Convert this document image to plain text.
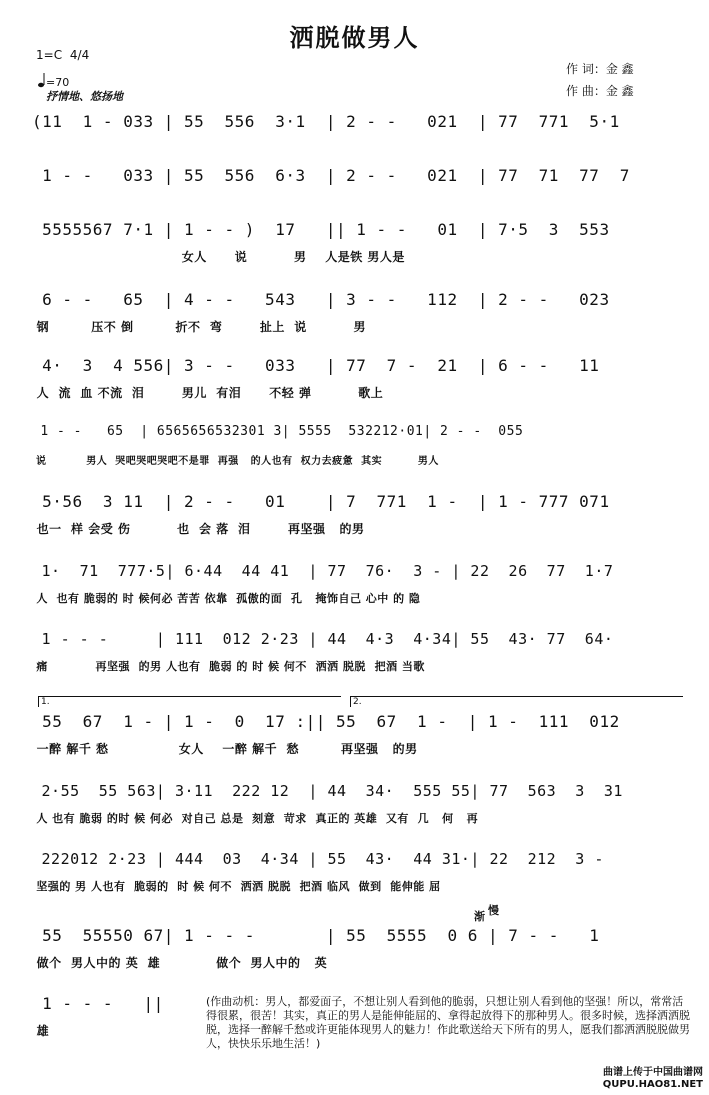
洒脱做男人
1=C 4/4
=70
抒情地、悠扬地
作 词：金 鑫
作 曲：金 鑫
(11  1 - 033 | 55  556  3·1  | 2 - -   021  | 77  771  5·1
1 - -   033 | 55  556  6·3  | 2 - -   021  | 77  71  77  7
5555567 7·1 | 1 - - )  17   || 1 - -   01  | 7·5  3  553
女人      说          男    人是铁 男人是
6 - -   65  | 4 - -   543   | 3 - -   112  | 2 - -   023
钢         压不 倒         折不  弯        扯上  说          男
4·  3  4 556| 3 - -   033   | 77  7 -  21  | 6 - -   11
人  流  血 不流  泪        男儿  有泪      不轻 弹          歌上
1 - -   65  | 6565656532301 3| 5555  532212·01| 2 - -  055
说          男人  哭吧哭吧哭吧不是罪  再强   的人也有  权力去疲惫  其实         男人
5·56  3 11  | 2 - -   01    | 7  771  1 -  | 1 - 777 071
也一  样 会受 伤          也  会 落  泪        再坚强   的男
1·  71  777·5| 6·44  44 41  | 77  76·  3 - | 22  26  77  1·7
人  也有 脆弱的 时 候何必 苦苦 依靠  孤傲的面  孔   掩饰自己 心中 的 隐
1 - - -     | 111  012 2·23 | 44  4·3  4·34| 55  43· 77  64·
痛           再坚强  的男 人也有  脆弱 的 时 候 何不  洒洒 脱脱  把酒 当歌
1.	2.
55  67  1 - | 1 -  0  17 :|| 55  67  1 -  | 1 -  111  012
一醉 解千 愁               女人    一醉 解千  愁         再坚强   的男
2·55  55 563| 3·11  222 12  | 44  34·  555 55| 77  563  3  31
人 也有 脆弱 的时 候 何必  对自己 总是  刻意  苛求  真正的 英雄  又有  几   何   再
222012 2·23 | 444  03  4·34 | 55  43·  44 31·| 22  212  3 -
坚强的 男 人也有  脆弱的  时 候 何不  洒洒 脱脱  把酒 临风  做到  能伸能 屈
渐 慢
55  55550 67| 1 - - -       | 55  5555  0 6 | 7 - -   1
做个  男人中的 英  雄            做个  男人中的   英
1 - - -   ||
雄
(作曲动机：男人，都爱面子，不想让别人看到他的脆弱，只想让别人看到他的坚强！所以，常常活得很累，很苦！其实，真正的男人是能伸能屈的、拿得起放得下的那种男人。很多时候，选择洒洒脱脱，选择一醉解千愁或许更能体现男人的魅力！作此歌送给天下所有的男人，愿我们都洒洒脱脱做男人，快快乐乐地生活！)
曲谱上传于中国曲谱网
QUPU.HAO81.NET
